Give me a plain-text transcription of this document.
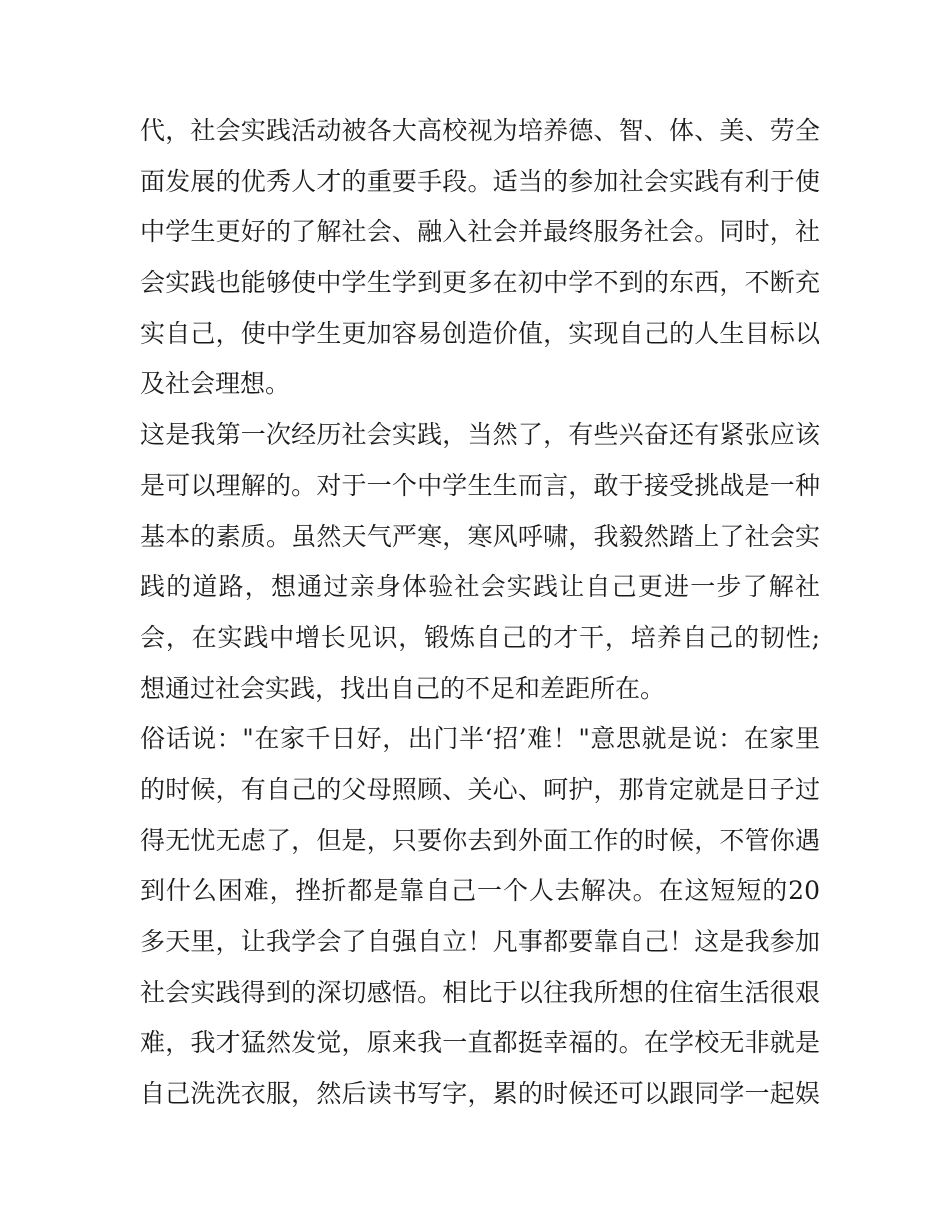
代，社会实践活动被各大高校视为培养德、智、体、美、劳全
面发展的优秀人才的重要手段。适当的参加社会实践有利于使
中学生更好的了解社会、融入社会并最终服务社会。同时，社
会实践也能够使中学生学到更多在初中学不到的东西，不断充
实自己，使中学生更加容易创造价值，实现自己的人生目标以
及社会理想。
这是我第一次经历社会实践，当然了，有些兴奋还有紧张应该
是可以理解的。对于一个中学生生而言，敢于接受挑战是一种
基本的素质。虽然天气严寒，寒风呼啸，我毅然踏上了社会实
践的道路，想通过亲身体验社会实践让自己更进一步了解社
会，在实践中增长见识，锻炼自己的才干，培养自己的韧性;
想通过社会实践，找出自己的不足和差距所在。
俗话说："在家千日好，出门半‘招’难！"意思就是说：在家里
的时候，有自己的父母照顾、关心、呵护，那肯定就是日子过
得无忧无虑了，但是，只要你去到外面工作的时候，不管你遇
到什么困难，挫折都是靠自己一个人去解决。在这短短的20
多天里，让我学会了自强自立！凡事都要靠自己！这是我参加
社会实践得到的深切感悟。相比于以往我所想的住宿生活很艰
难，我才猛然发觉，原来我一直都挺幸福的。在学校无非就是
自己洗洗衣服，然后读书写字，累的时候还可以跟同学一起娱
